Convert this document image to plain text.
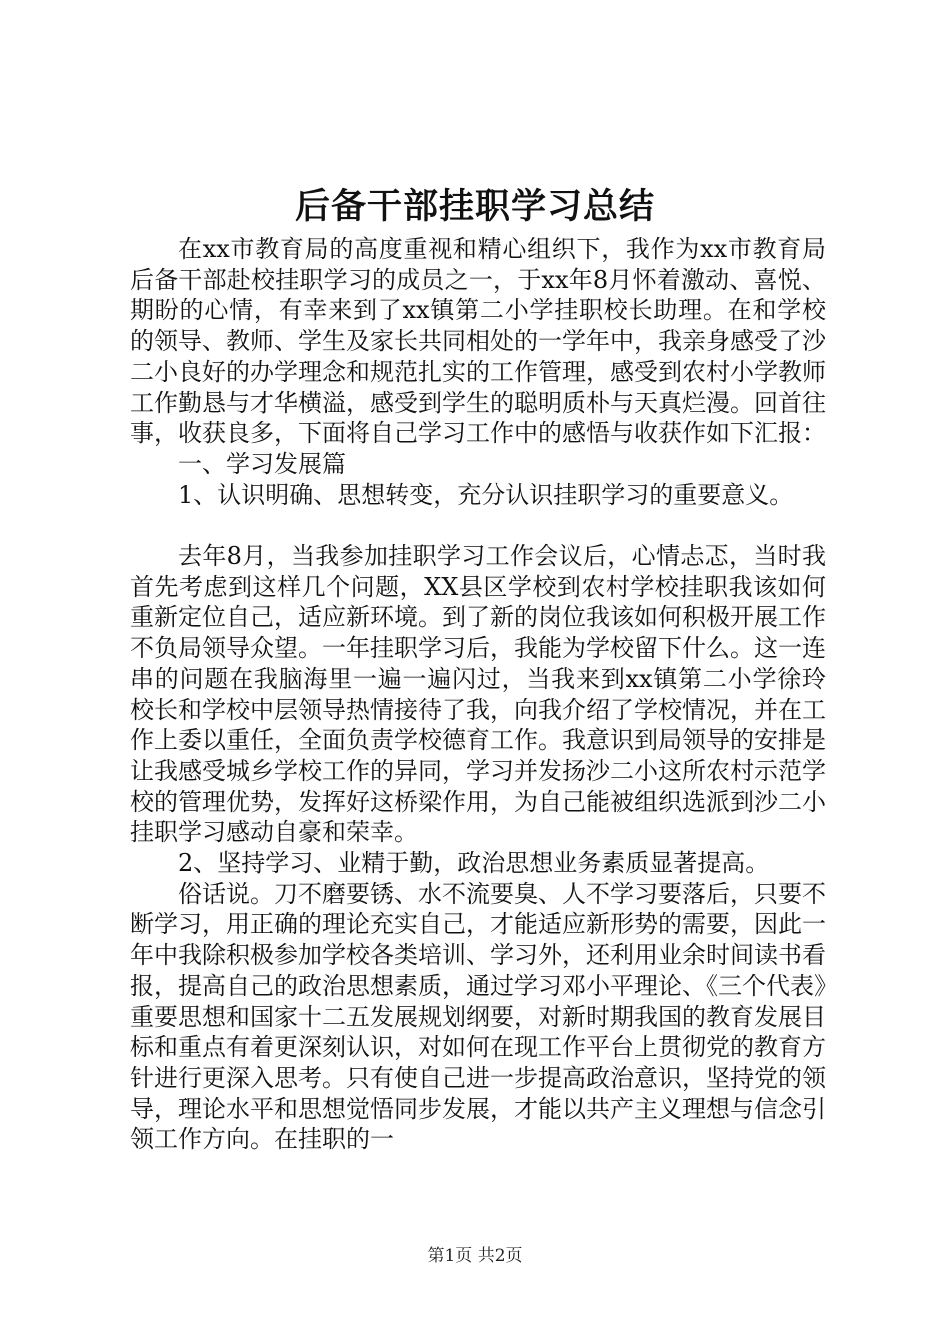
后备干部挂职学习总结

在xx市教育局的高度重视和精心组织下，我作为xx市教育局后备干部赴校挂职学习的成员之一，于xx年8月怀着激动、喜悦、期盼的心情，有幸来到了xx镇第二小学挂职校长助理。在和学校的领导、教师、学生及家长共同相处的一学年中，我亲身感受了沙二小良好的办学理念和规范扎实的工作管理，感受到农村小学教师工作勤恳与才华横溢，感受到学生的聪明质朴与天真烂漫。回首往事，收获良多，下面将自己学习工作中的感悟与收获作如下汇报：

一、学习发展篇

1、认识明确、思想转变，充分认识挂职学习的重要意义。

去年8月，当我参加挂职学习工作会议后，心情忐忑，当时我首先考虑到这样几个问题，XX县区学校到农村学校挂职我该如何重新定位自己，适应新环境。到了新的岗位我该如何积极开展工作不负局领导众望。一年挂职学习后，我能为学校留下什么。这一连串的问题在我脑海里一遍一遍闪过，当我来到xx镇第二小学徐玲校长和学校中层领导热情接待了我，向我介绍了学校情况，并在工作上委以重任，全面负责学校德育工作。我意识到局领导的安排是让我感受城乡学校工作的异同，学习并发扬沙二小这所农村示范学校的管理优势，发挥好这桥梁作用，为自己能被组织选派到沙二小挂职学习感动自豪和荣幸。

2、坚持学习、业精于勤，政治思想业务素质显著提高。

俗话说。刀不磨要锈、水不流要臭、人不学习要落后，只要不断学习，用正确的理论充实自己，才能适应新形势的需要，因此一年中我除积极参加学校各类培训、学习外，还利用业余时间读书看报，提高自己的政治思想素质，通过学习邓小平理论、《三个代表》重要思想和国家十二五发展规划纲要，对新时期我国的教育发展目标和重点有着更深刻认识，对如何在现工作平台上贯彻党的教育方针进行更深入思考。只有使自己进一步提高政治意识，坚持党的领导，理论水平和思想觉悟同步发展，才能以共产主义理想与信念引领工作方向。在挂职的一

第1页 共2页
